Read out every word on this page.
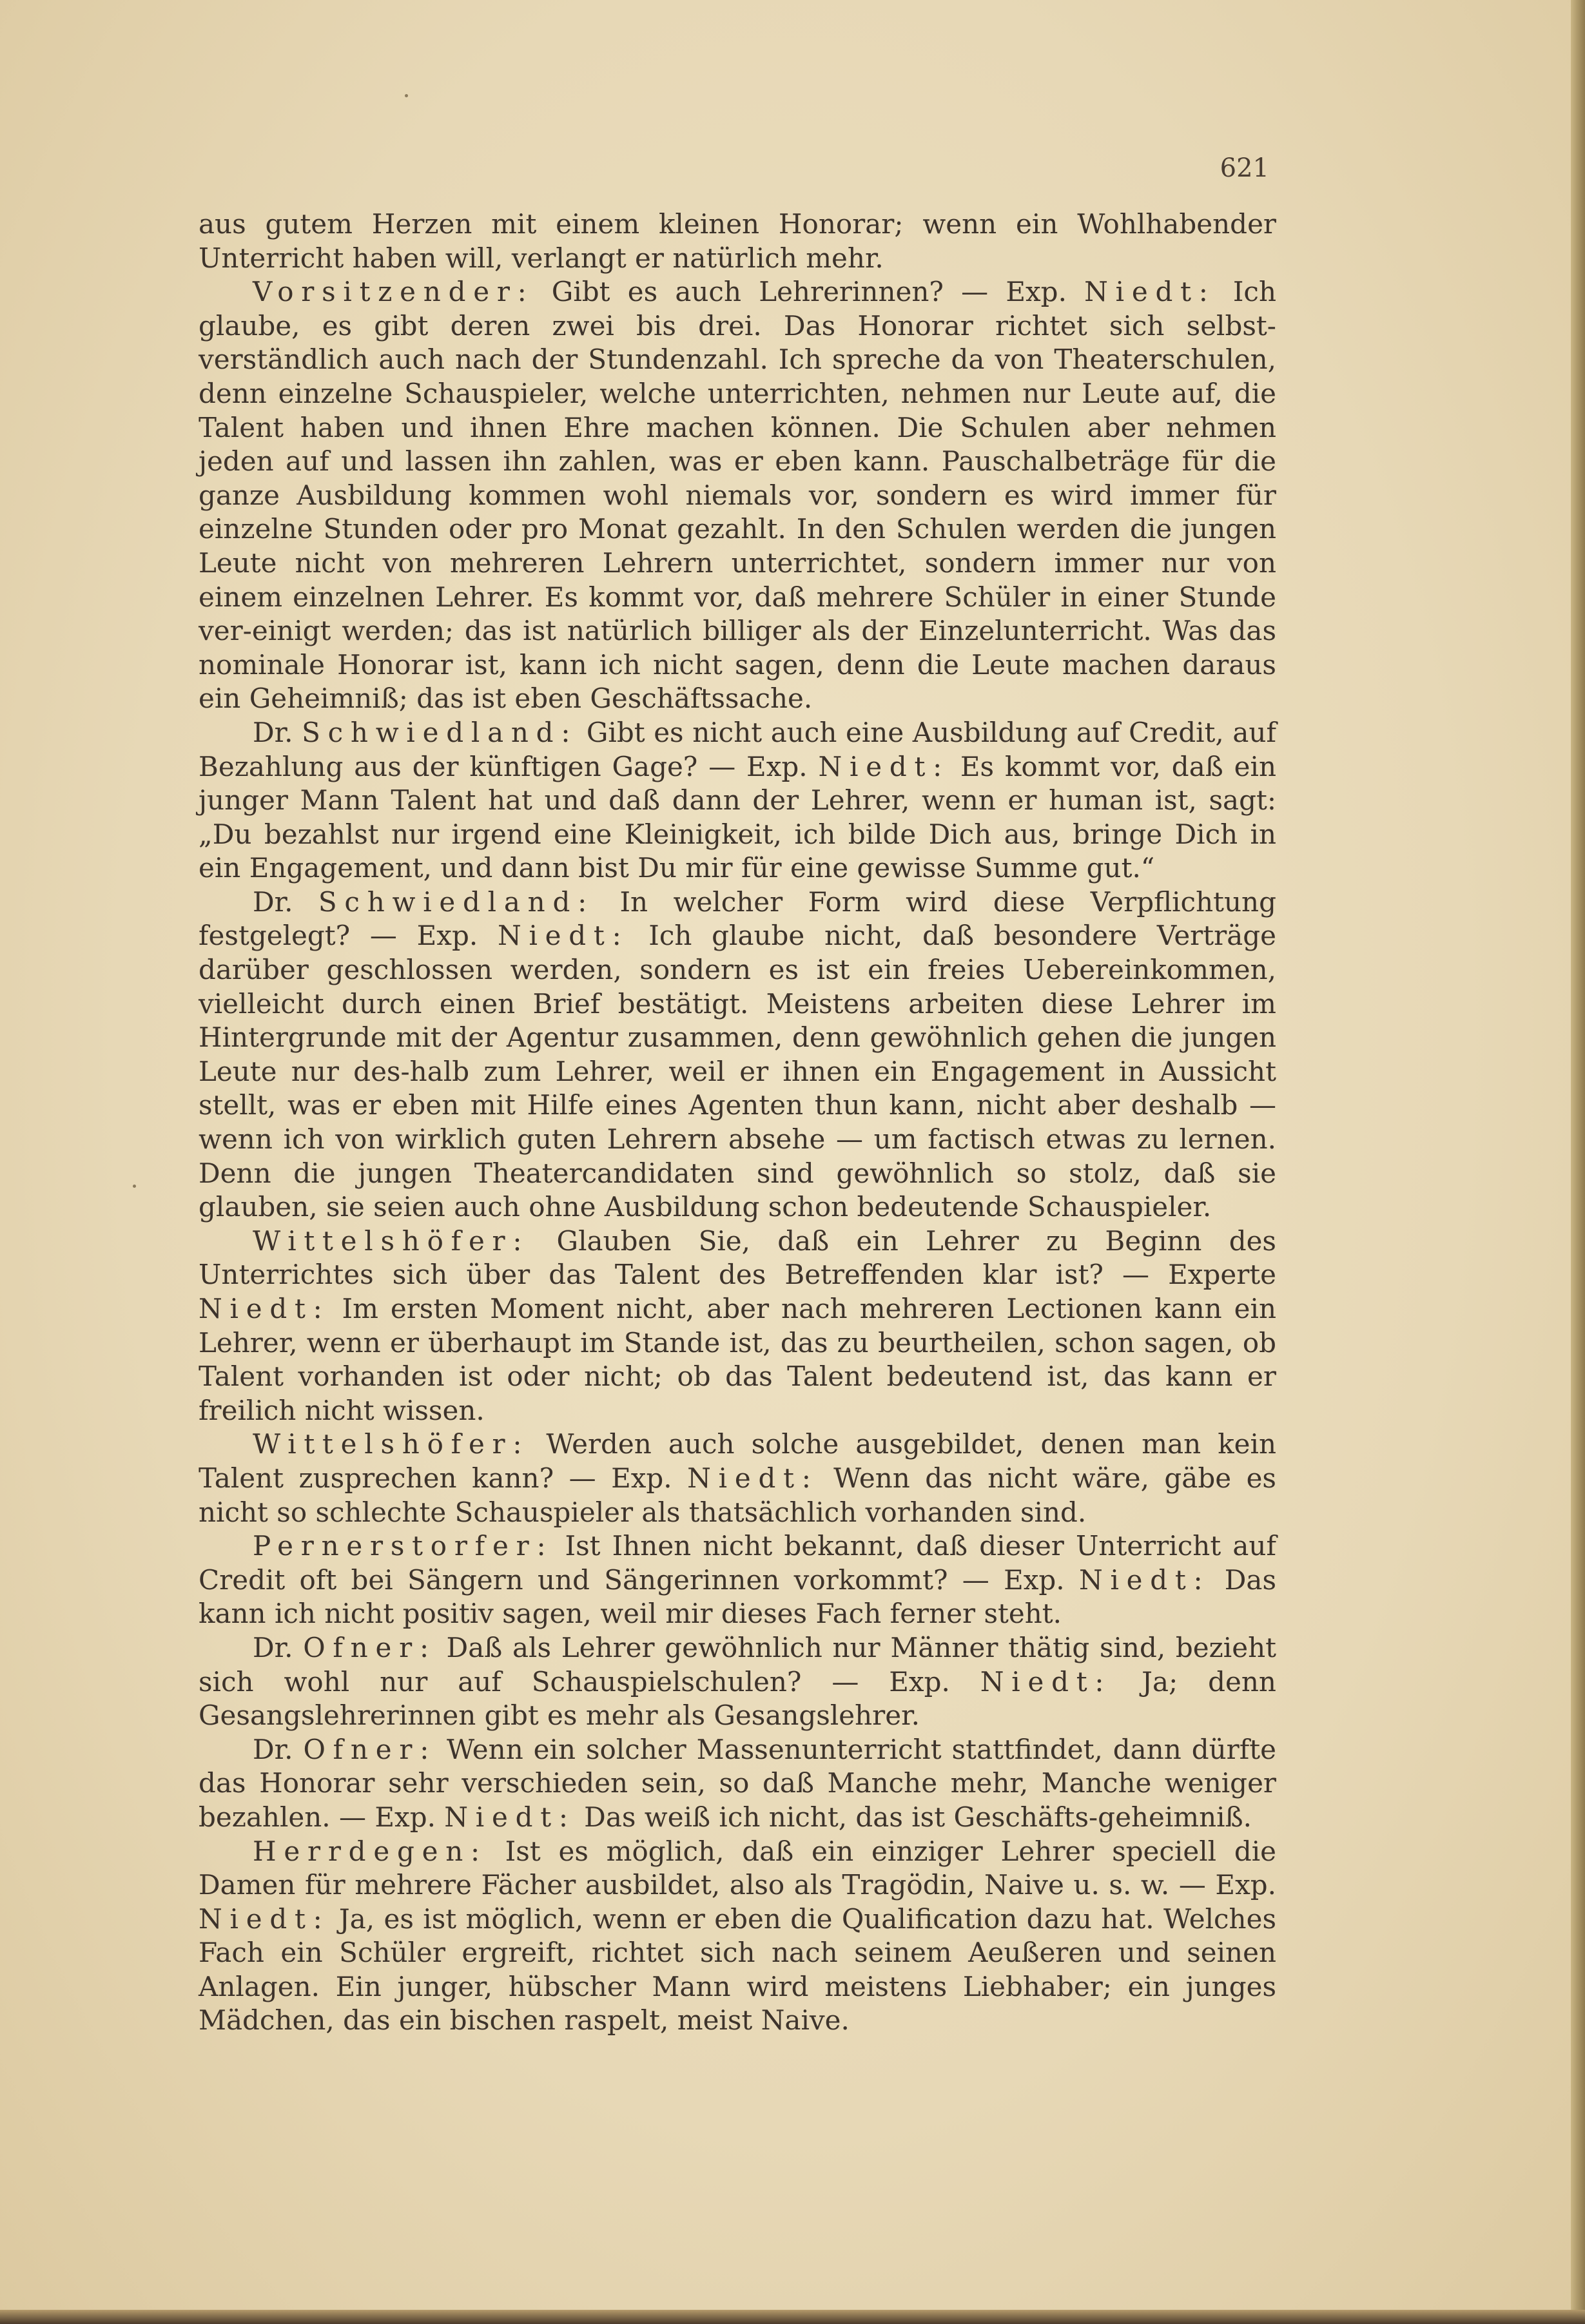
621

aus gutem Herzen mit einem kleinen Honorar; wenn ein Wohlhabender Unterricht haben will, verlangt er natürlich mehr.

Vorsitzender: Gibt es auch Lehrerinnen? — Exp. Niedt: Ich glaube, es gibt deren zwei bis drei. Das Honorar richtet sich selbst-verständlich auch nach der Stundenzahl. Ich spreche da von Theaterschulen, denn einzelne Schauspieler, welche unterrichten, nehmen nur Leute auf, die Talent haben und ihnen Ehre machen können. Die Schulen aber nehmen jeden auf und lassen ihn zahlen, was er eben kann. Pauschalbeträge für die ganze Ausbildung kommen wohl niemals vor, sondern es wird immer für einzelne Stunden oder pro Monat gezahlt. In den Schulen werden die jungen Leute nicht von mehreren Lehrern unterrichtet, sondern immer nur von einem einzelnen Lehrer. Es kommt vor, daß mehrere Schüler in einer Stunde ver-einigt werden; das ist natürlich billiger als der Einzelunterricht. Was das nominale Honorar ist, kann ich nicht sagen, denn die Leute machen daraus ein Geheimniß; das ist eben Geschäftssache.

Dr. Schwiedland: Gibt es nicht auch eine Ausbildung auf Credit, auf Bezahlung aus der künftigen Gage? — Exp. Niedt: Es kommt vor, daß ein junger Mann Talent hat und daß dann der Lehrer, wenn er human ist, sagt: „Du bezahlst nur irgend eine Kleinigkeit, ich bilde Dich aus, bringe Dich in ein Engagement, und dann bist Du mir für eine gewisse Summe gut.“

Dr. Schwiedland: In welcher Form wird diese Verpflichtung festgelegt? — Exp. Niedt: Ich glaube nicht, daß besondere Verträge darüber geschlossen werden, sondern es ist ein freies Uebereinkommen, vielleicht durch einen Brief bestätigt. Meistens arbeiten diese Lehrer im Hintergrunde mit der Agentur zusammen, denn gewöhnlich gehen die jungen Leute nur des-halb zum Lehrer, weil er ihnen ein Engagement in Aussicht stellt, was er eben mit Hilfe eines Agenten thun kann, nicht aber deshalb — wenn ich von wirklich guten Lehrern absehe — um factisch etwas zu lernen. Denn die jungen Theatercandidaten sind gewöhnlich so stolz, daß sie glauben, sie seien auch ohne Ausbildung schon bedeutende Schauspieler.

Wittelshöfer: Glauben Sie, daß ein Lehrer zu Beginn des Unterrichtes sich über das Talent des Betreffenden klar ist? — Experte Niedt: Im ersten Moment nicht, aber nach mehreren Lectionen kann ein Lehrer, wenn er überhaupt im Stande ist, das zu beurtheilen, schon sagen, ob Talent vorhanden ist oder nicht; ob das Talent bedeutend ist, das kann er freilich nicht wissen.

Wittelshöfer: Werden auch solche ausgebildet, denen man kein Talent zusprechen kann? — Exp. Niedt: Wenn das nicht wäre, gäbe es nicht so schlechte Schauspieler als thatsächlich vorhanden sind.

Pernerstorfer: Ist Ihnen nicht bekannt, daß dieser Unterricht auf Credit oft bei Sängern und Sängerinnen vorkommt? — Exp. Niedt: Das kann ich nicht positiv sagen, weil mir dieses Fach ferner steht.

Dr. Ofner: Daß als Lehrer gewöhnlich nur Männer thätig sind, bezieht sich wohl nur auf Schauspielschulen? — Exp. Niedt: Ja; denn Gesangslehrerinnen gibt es mehr als Gesangslehrer.

Dr. Ofner: Wenn ein solcher Massenunterricht stattfindet, dann dürfte das Honorar sehr verschieden sein, so daß Manche mehr, Manche weniger bezahlen. — Exp. Niedt: Das weiß ich nicht, das ist Geschäfts-geheimniß.

Herrdegen: Ist es möglich, daß ein einziger Lehrer speciell die Damen für mehrere Fächer ausbildet, also als Tragödin, Naive u. s. w. — Exp. Niedt: Ja, es ist möglich, wenn er eben die Qualification dazu hat. Welches Fach ein Schüler ergreift, richtet sich nach seinem Aeußeren und seinen Anlagen. Ein junger, hübscher Mann wird meistens Liebhaber; ein junges Mädchen, das ein bischen raspelt, meist Naive.
